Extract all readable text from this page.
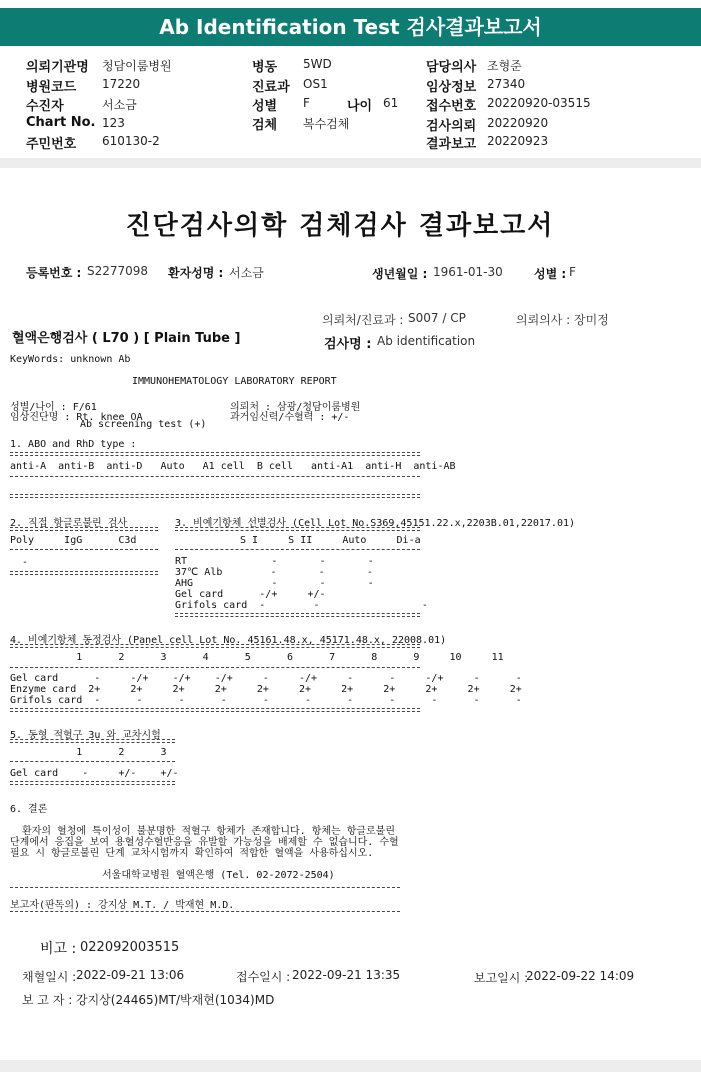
Ab Identification Test 검사결과보고서
의뢰기관명 청담이룸병원
병원코드 17220
수진자	서소금
Chart No. 123
주민번호 610130-2
병동 5WD
진료과 OS1
성별 F	나이 61
검체 복수검체
담당의사 조형준
임상정보 27340
접수번호 20220920-03515
검사의뢰 20220920
결과보고 20220923
진단검사의학 검체검사 결과보고서
등록번호 : S2277098 환자성명 : 서소금	생년월일 : 1961-01-30	성별 : F
의뢰처/진료과 : S007 / CP	의뢰의사 : 장미정
혈액은행검사 ( L70 ) [ Plain Tube ]	검사명 : Ab identification
KeyWords: unknown Ab
IMMUNOHEMATOLOGY LABORATORY REPORT
성별/나이 : F/61	의뢰처 : 삼광/청담이룸병원
임상진단명 : Rt. knee OA	과거임신력/수혈력 : +/-
Ab screening test (+)
1. ABO and RhD type :
anti-A  anti-B  anti-D   Auto   A1 cell  B cell   anti-A1  anti-H  anti-AB
2. 직접 항글로불린 검사
Poly     IgG      C3d
-
3. 비예기항체 선별검사 (Cell Lot No.S369,45151.22.x,2203B.01,22017.01)
S I     S II     Auto     Di-a
RT              -       -       -
37℃ Alb        -       -       -
AHG             -       -       -
Gel card      -/+     +/-
Grifols card  -        -                 -
4. 비예기항체 동정검사 (Panel cell Lot No. 45161.48.x, 45171.48.x, 22008.01)
1      2      3      4      5      6      7      8      9     10     11
Gel card      -     -/+    -/+    -/+     -     -/+     -      -     -/+     -      -
Enzyme card  2+     2+     2+     2+     2+     2+     2+     2+     2+     2+     2+
Grifols card  -      -      -      -      -      -      -      -      -      -      -
5. 동형 적혈구 3u 와 교차시험
1      2      3
Gel card    -     +/-    +/-
6. 결론
환자의 혈청에 특이성이 불분명한 적혈구 항체가 존재합니다. 항체는 항글로불린
단계에서 응집을 보여 용혈성수혈반응을 유발할 가능성을 배제할 수 없습니다. 수혈
필요 시 항글로불린 단계 교차시험까지 확인하여 적합한 혈액을 사용하십시오.
서울대학교병원 혈액은행 (Tel. 02-2072-2504)
보고자(판독의) : 강지상 M.T. / 박재현 M.D.
비고 : 022092003515
채혈일시 : 2022-09-21 13:06	접수일시 : 2022-09-21 13:35	보고일시 :
2022-09-22 14:09
보 고 자 : 강지상(24465)MT/박재현(1034)MD
